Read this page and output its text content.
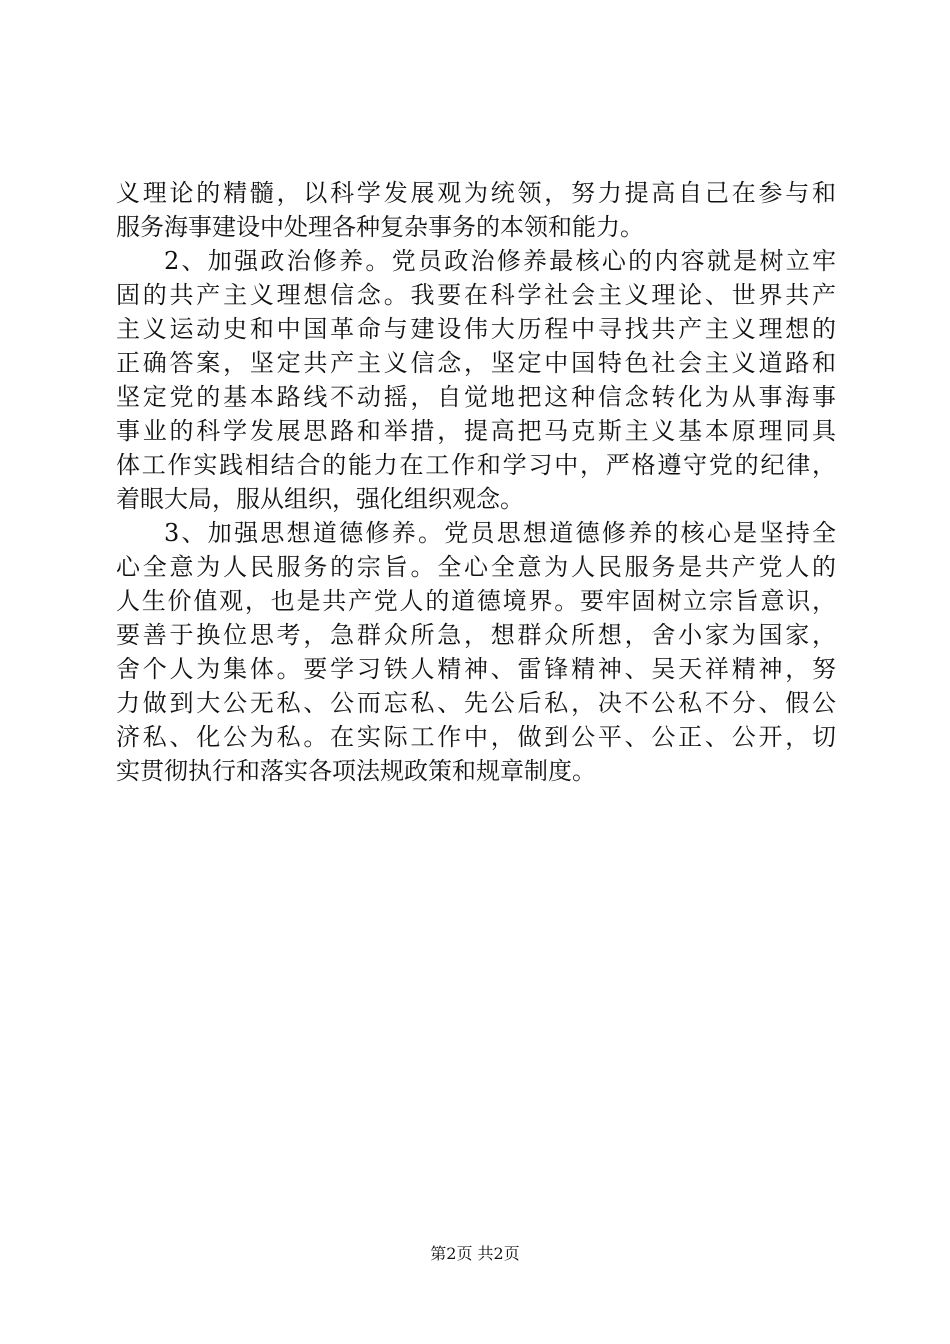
义理论的精髓，以科学发展观为统领，努力提高自己在参与和
服务海事建设中处理各种复杂事务的本领和能力。
2、加强政治修养。党员政治修养最核心的内容就是树立牢
固的共产主义理想信念。我要在科学社会主义理论、世界共产
主义运动史和中国革命与建设伟大历程中寻找共产主义理想的
正确答案，坚定共产主义信念，坚定中国特色社会主义道路和
坚定党的基本路线不动摇，自觉地把这种信念转化为从事海事
事业的科学发展思路和举措，提高把马克斯主义基本原理同具
体工作实践相结合的能力在工作和学习中，严格遵守党的纪律，
着眼大局，服从组织，强化组织观念。
3、加强思想道德修养。党员思想道德修养的核心是坚持全
心全意为人民服务的宗旨。全心全意为人民服务是共产党人的
人生价值观，也是共产党人的道德境界。要牢固树立宗旨意识，
要善于换位思考，急群众所急，想群众所想，舍小家为国家，
舍个人为集体。要学习铁人精神、雷锋精神、吴天祥精神，努
力做到大公无私、公而忘私、先公后私，决不公私不分、假公
济私、化公为私。在实际工作中，做到公平、公正、公开，切
实贯彻执行和落实各项法规政策和规章制度。
第2页 共2页
